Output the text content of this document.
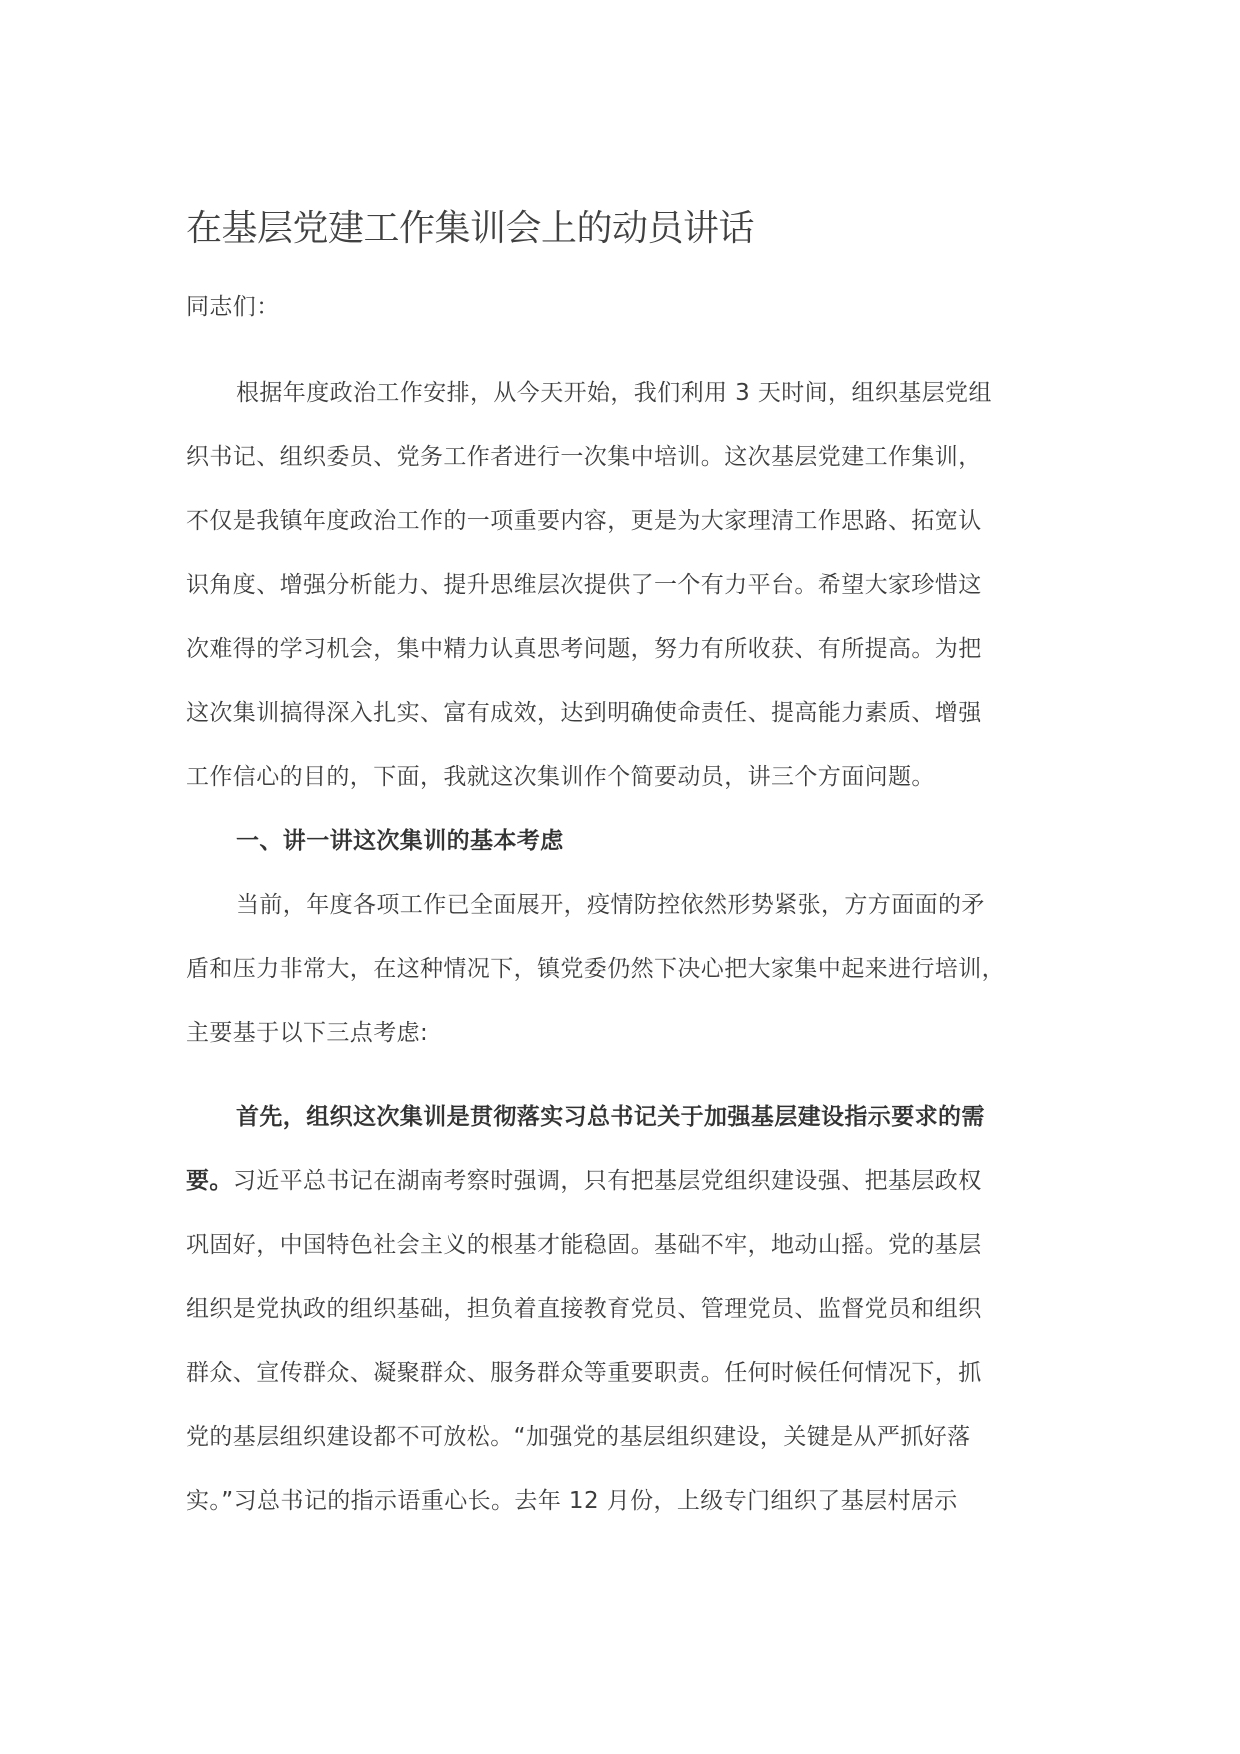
在基层党建工作集训会上的动员讲话
同志们：
根据年度政治工作安排，从今天开始，我们利用 3 天时间，组织基层党组
织书记、组织委员、党务工作者进行一次集中培训。这次基层党建工作集训，
不仅是我镇年度政治工作的一项重要内容，更是为大家理清工作思路、拓宽认
识角度、增强分析能力、提升思维层次提供了一个有力平台。希望大家珍惜这
次难得的学习机会，集中精力认真思考问题，努力有所收获、有所提高。为把
这次集训搞得深入扎实、富有成效，达到明确使命责任、提高能力素质、增强
工作信心的目的，下面，我就这次集训作个简要动员，讲三个方面问题。
一、讲一讲这次集训的基本考虑
当前，年度各项工作已全面展开，疫情防控依然形势紧张，方方面面的矛
盾和压力非常大，在这种情况下，镇党委仍然下决心把大家集中起来进行培训，
主要基于以下三点考虑:
首先，组织这次集训是贯彻落实习总书记关于加强基层建设指示要求的需
要。习近平总书记在湖南考察时强调，只有把基层党组织建设强、把基层政权
巩固好，中国特色社会主义的根基才能稳固。基础不牢，地动山摇。党的基层
组织是党执政的组织基础，担负着直接教育党员、管理党员、监督党员和组织
群众、宣传群众、凝聚群众、服务群众等重要职责。任何时候任何情况下，抓
党的基层组织建设都不可放松。“加强党的基层组织建设，关键是从严抓好落
实。”习总书记的指示语重心长。去年 12 月份，上级专门组织了基层村居示
